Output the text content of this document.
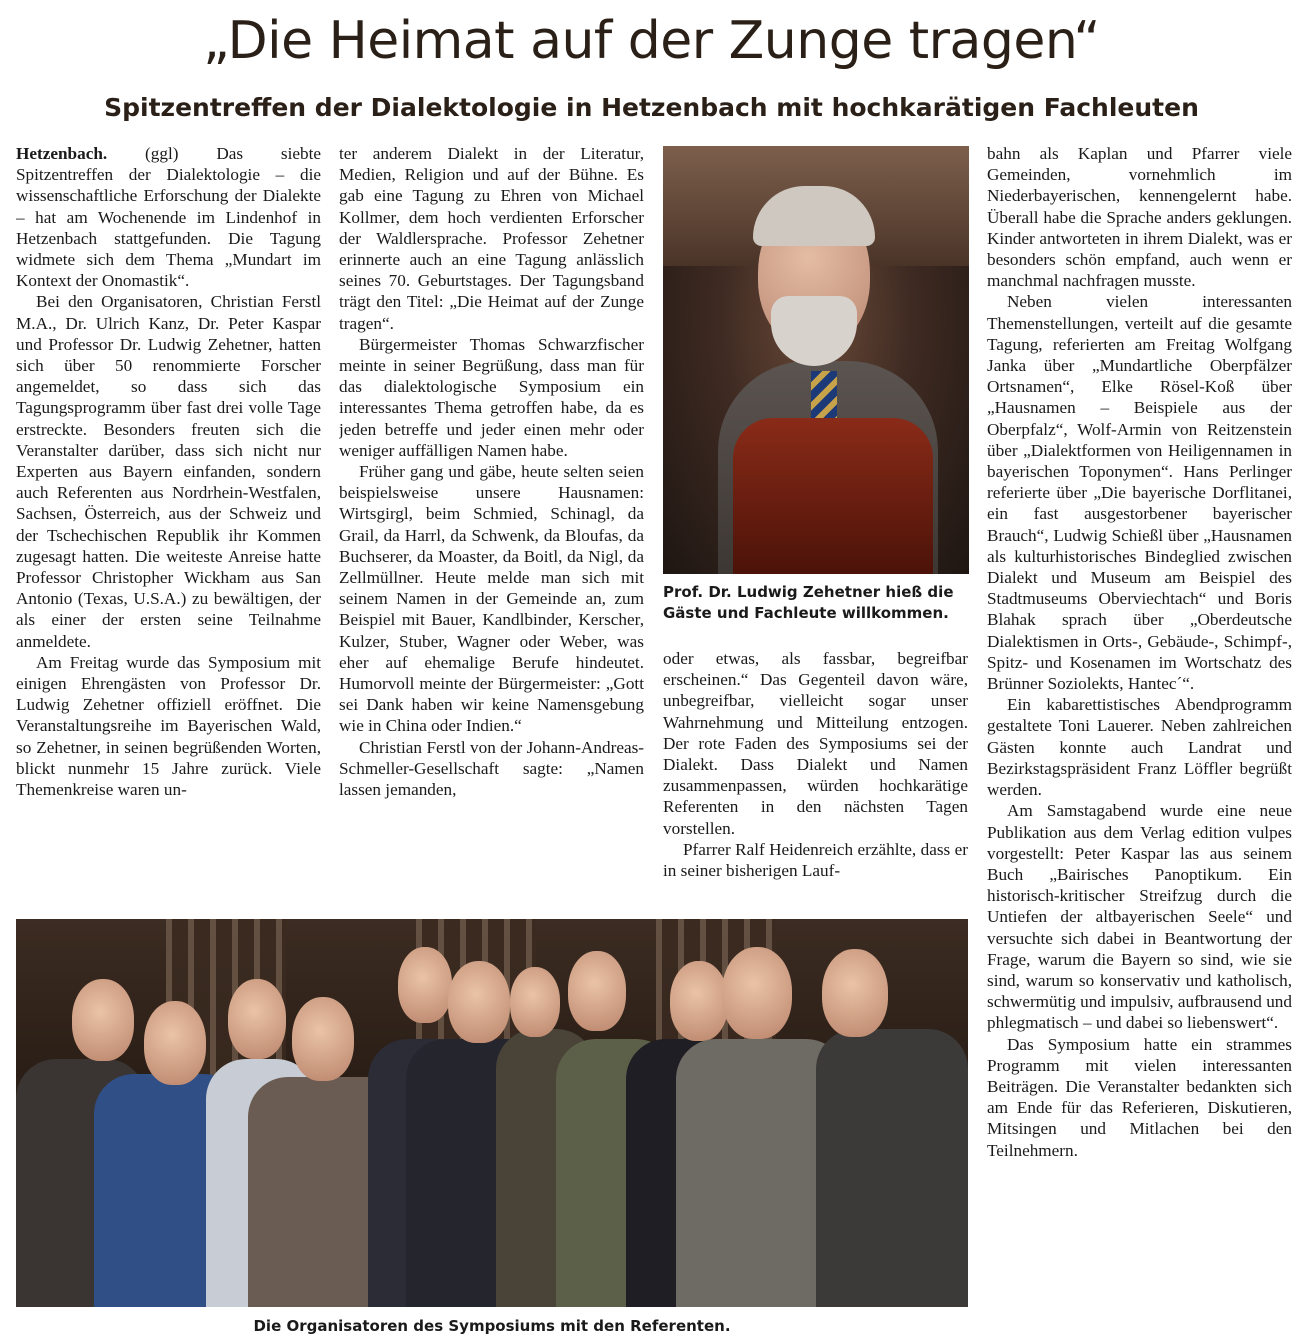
„Die Heimat auf der Zunge tragen“
Spitzentreffen der Dialektologie in Hetzenbach mit hochkarätigen Fachleuten

Hetzenbach. (ggl) Das siebte Spitzentreffen der Dialektologie – die wissenschaftliche Erforschung der Dialekte – hat am Wochenende im Lindenhof in Hetzenbach stattgefunden. Die Tagung widmete sich dem Thema „Mundart im Kontext der Onomastik“.

Bei den Organisatoren, Christian Ferstl M.A., Dr. Ulrich Kanz, Dr. Peter Kaspar und Professor Dr. Ludwig Zehetner, hatten sich über 50 renommierte Forscher angemeldet, so dass sich das Tagungsprogramm über fast drei volle Tage erstreckte. Besonders freuten sich die Veranstalter darüber, dass sich nicht nur Experten aus Bayern einfanden, sondern auch Referenten aus Nordrhein-Westfalen, Sachsen, Österreich, aus der Schweiz und der Tschechischen Republik ihr Kommen zugesagt hatten. Die weiteste Anreise hatte Professor Christopher Wickham aus San Antonio (Texas, U.S.A.) zu bewältigen, der als einer der ersten seine Teilnahme anmeldete.

Am Freitag wurde das Symposium mit einigen Ehrengästen von Professor Dr. Ludwig Zehetner offiziell eröffnet. Die Veranstaltungsreihe im Bayerischen Wald, so Zehetner, in seinen begrüßenden Worten, blickt nunmehr 15 Jahre zurück. Viele Themenkreise waren un-

ter anderem Dialekt in der Literatur, Medien, Religion und auf der Bühne. Es gab eine Tagung zu Ehren von Michael Kollmer, dem hoch verdienten Erforscher der Waldlersprache. Professor Zehetner erinnerte auch an eine Tagung anlässlich seines 70. Geburtstages. Der Tagungsband trägt den Titel: „Die Heimat auf der Zunge tragen“.

Bürgermeister Thomas Schwarzfischer meinte in seiner Begrüßung, dass man für das dialektologische Symposium ein interessantes Thema getroffen habe, da es jeden betreffe und jeder einen mehr oder weniger auffälligen Namen habe.

Früher gang und gäbe, heute selten seien beispielsweise unsere Hausnamen: Wirtsgirgl, beim Schmied, Schinagl, da Grail, da Harrl, da Schwenk, da Bloufas, da Buchserer, da Moaster, da Boitl, da Nigl, da Zellmüllner. Heute melde man sich mit seinem Namen in der Gemeinde an, zum Beispiel mit Bauer, Kandlbinder, Kerscher, Kulzer, Stuber, Wagner oder Weber, was eher auf ehemalige Berufe hindeutet. Humorvoll meinte der Bürgermeister: „Gott sei Dank haben wir keine Namensgebung wie in China oder Indien.“

Christian Ferstl von der Johann-Andreas-Schmeller-Gesellschaft sagte: „Namen lassen jemanden,

Prof. Dr. Ludwig Zehetner hieß die Gäste und Fachleute willkommen.

oder etwas, als fassbar, begreifbar erscheinen.“ Das Gegenteil davon wäre, unbegreifbar, vielleicht sogar unser Wahrnehmung und Mitteilung entzogen. Der rote Faden des Symposiums sei der Dialekt. Dass Dialekt und Namen zusammenpassen, würden hochkarätige Referenten in den nächsten Tagen vorstellen.

Pfarrer Ralf Heidenreich erzählte, dass er in seiner bisherigen Lauf-

bahn als Kaplan und Pfarrer viele Gemeinden, vornehmlich im Niederbayerischen, kennengelernt habe. Überall habe die Sprache anders geklungen. Kinder antworteten in ihrem Dialekt, was er besonders schön empfand, auch wenn er manchmal nachfragen musste.

Neben vielen interessanten Themenstellungen, verteilt auf die gesamte Tagung, referierten am Freitag Wolfgang Janka über „Mundartliche Oberpfälzer Ortsnamen“, Elke Rösel-Koß über „Hausnamen – Beispiele aus der Oberpfalz“, Wolf-Armin von Reitzenstein über „Dialektformen von Heiligennamen in bayerischen Toponymen“. Hans Perlinger referierte über „Die bayerische Dorflitanei, ein fast ausgestorbener bayerischer Brauch“, Ludwig Schießl über „Hausnamen als kulturhistorisches Bindeglied zwischen Dialekt und Museum am Beispiel des Stadtmuseums Oberviechtach“ und Boris Blahak sprach über „Oberdeutsche Dialektismen in Orts-, Gebäude-, Schimpf-, Spitz- und Kosenamen im Wortschatz des Brünner Soziolekts, Hantec´“.

Ein kabarettistisches Abendprogramm gestaltete Toni Lauerer. Neben zahlreichen Gästen konnte auch Landrat und Bezirkstagspräsident Franz Löffler begrüßt werden.

Am Samstagabend wurde eine neue Publikation aus dem Verlag edition vulpes vorgestellt: Peter Kaspar las aus seinem Buch „Bairisches Panoptikum. Ein historisch-kritischer Streifzug durch die Untiefen der altbayerischen Seele“ und versuchte sich dabei in Beantwortung der Frage, warum die Bayern so sind, wie sie sind, warum so konservativ und katholisch, schwermütig und impulsiv, aufbrausend und phlegmatisch – und dabei so liebenswert“.

Das Symposium hatte ein strammes Programm mit vielen interessanten Beiträgen. Die Veranstalter bedankten sich am Ende für das Referieren, Diskutieren, Mitsingen und Mitlachen bei den Teilnehmern.

Die Organisatoren des Symposiums mit den Referenten.
